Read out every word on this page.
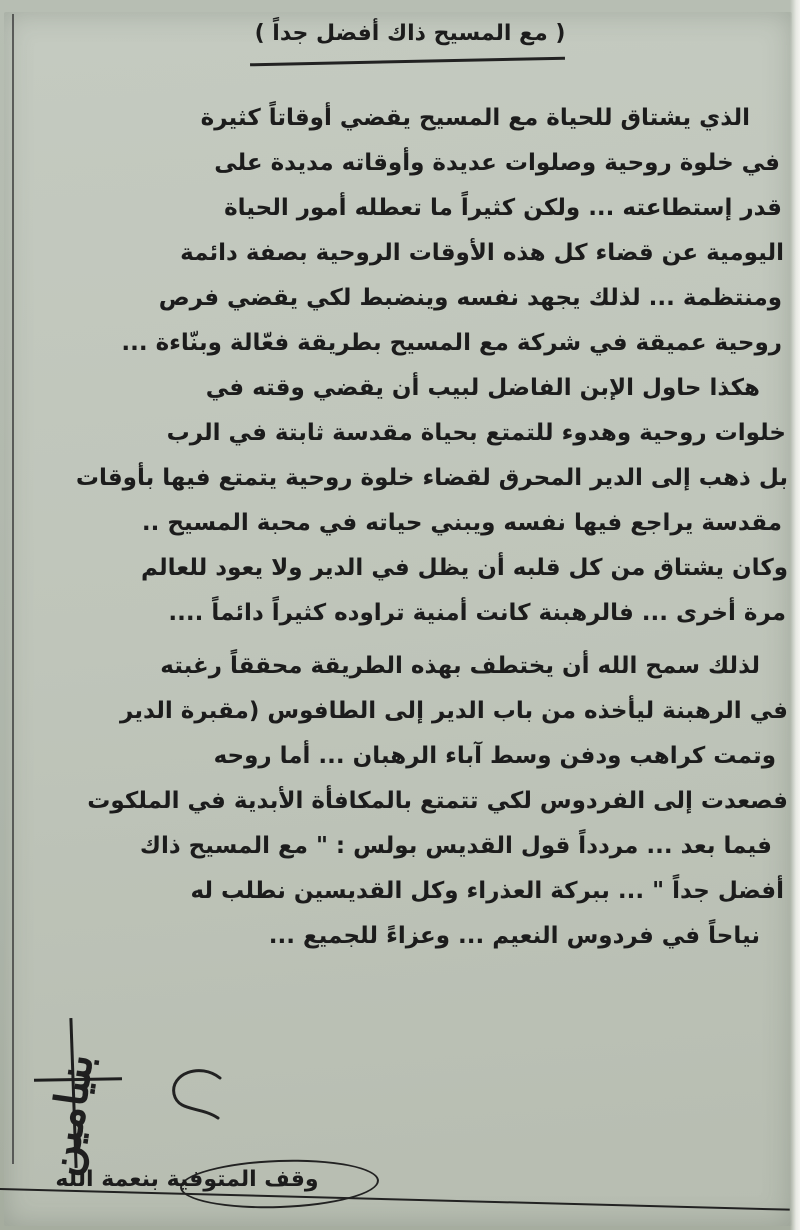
( مع المسيح ذاك أفضل جداً )
الذي يشتاق للحياة مع المسيح يقضي أوقاتاً كثيرة
في خلوة روحية وصلوات عديدة وأوقاته مديدة على
قدر إستطاعته ... ولكن كثيراً ما تعطله أمور الحياة
اليومية عن قضاء كل هذه الأوقات الروحية بصفة دائمة
ومنتظمة ... لذلك يجهد نفسه وينضبط لكي يقضي فرص
روحية عميقة في شركة مع المسيح بطريقة فعّالة وبنّاءة ...
هكذا حاول الإبن الفاضل لبيب أن يقضي وقته في
خلوات روحية وهدوء للتمتع بحياة مقدسة ثابتة في الرب
بل ذهب إلى الدير المحرق لقضاء خلوة روحية يتمتع فيها بأوقات
مقدسة يراجع فيها نفسه ويبني حياته في محبة المسيح ..
وكان يشتاق من كل قلبه أن يظل في الدير ولا يعود للعالم
مرة أخرى ... فالرهبنة كانت أمنية تراوده كثيراً دائماً ....
لذلك سمح الله أن يختطف بهذه الطريقة محققاً رغبته
في الرهبنة ليأخذه من باب الدير إلى الطافوس (مقبرة الدير
وتمت كراهب ودفن وسط آباء الرهبان ... أما روحه
فصعدت إلى الفردوس لكي تتمتع بالمكافأة الأبدية في الملكوت
فيما بعد ... مردداً قول القديس بولس : " مع المسيح ذاك
أفضل جداً " ... ببركة العذراء وكل القديسين نطلب له
نياحاً في فردوس النعيم ... وعزاءً للجميع ...
بنيامين
وقف المتوفية بنعمة الله
